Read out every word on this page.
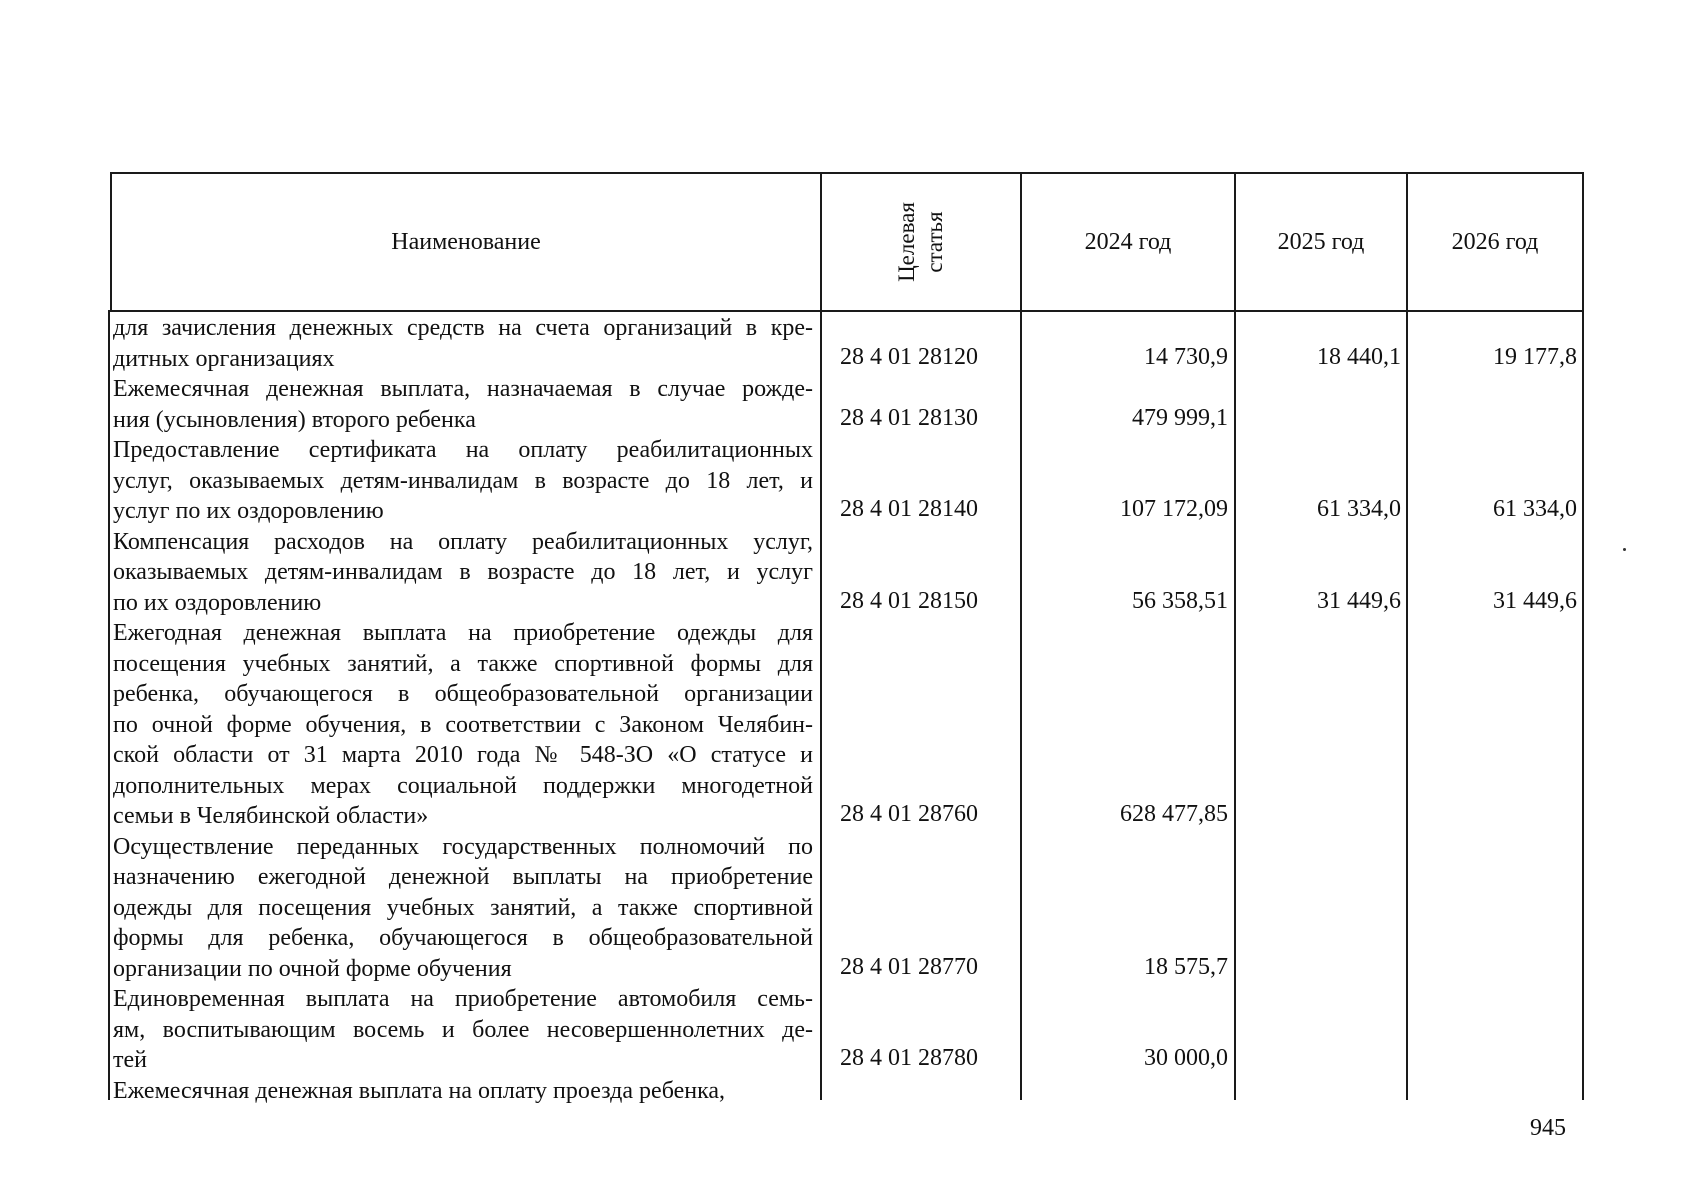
Наименование	Целевая статья	2024 год	2025 год	2026 год
для зачисления денежных средств на счета организаций в кре-
дитных организациях	28 4 01 28120	14 730,9	18 440,1	19 177,8
Ежемесячная денежная выплата, назначаемая в случае рожде-
ния (усыновления) второго ребенка	28 4 01 28130	479 999,1
Предоставление сертификата на оплату реабилитационных
услуг, оказываемых детям-инвалидам в возрасте до 18 лет, и
услуг по их оздоровлению	28 4 01 28140	107 172,09	61 334,0	61 334,0
Компенсация расходов на оплату реабилитационных услуг,
оказываемых детям-инвалидам в возрасте до 18 лет, и услуг
по их оздоровлению	28 4 01 28150	56 358,51	31 449,6	31 449,6
Ежегодная денежная выплата на приобретение одежды для
посещения учебных занятий, а также спортивной формы для
ребенка, обучающегося в общеобразовательной организации
по очной форме обучения, в соответствии с Законом Челябин-
ской области от 31 марта 2010 года № 548-ЗО «О статусе и
дополнительных мерах социальной поддержки многодетной
семьи в Челябинской области»	28 4 01 28760	628 477,85
Осуществление переданных государственных полномочий по
назначению ежегодной денежной выплаты на приобретение
одежды для посещения учебных занятий, а также спортивной
формы для ребенка, обучающегося в общеобразовательной
организации по очной форме обучения	28 4 01 28770	18 575,7
Единовременная выплата на приобретение автомобиля семь-
ям, воспитывающим восемь и более несовершеннолетних де-
тей	28 4 01 28780	30 000,0
Ежемесячная денежная выплата на оплату проезда ребенка,
945
